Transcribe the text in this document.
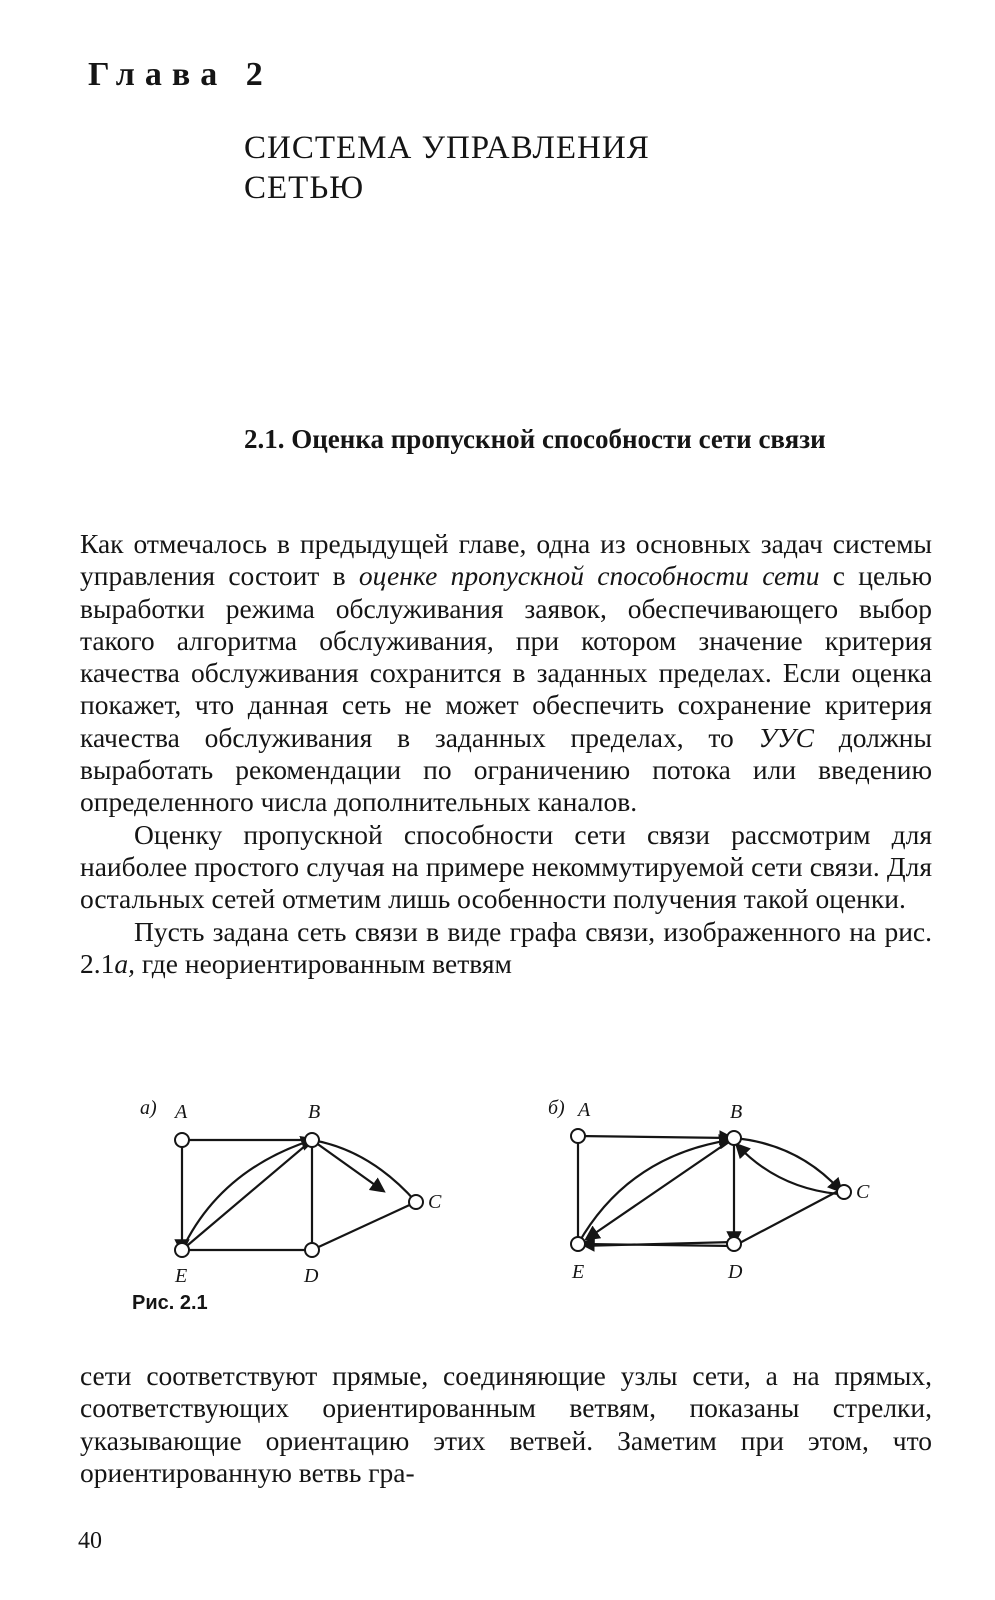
Глава 2
СИСТЕМА УПРАВЛЕНИЯ
СЕТЬЮ
2.1. Оценка пропускной способности сети связи

Как отмечалось в предыдущей главе, одна из основных задач системы управления состоит в оценке пропускной способности сети с целью выработки режима обслуживания заявок, обеспечивающего выбор такого алгоритма обслуживания, при котором значение критерия качества обслуживания сохранится в заданных пределах. Если оценка покажет, что данная сеть не может обеспечить сохранение критерия качества обслуживания в заданных пределах, то УУС должны выработать рекомендации по ограничению потока или введению определенного числа дополнительных каналов.

Оценку пропускной способности сети связи рассмотрим для наиболее простого случая на примере некоммутируемой сети связи. Для остальных сетей отметим лишь особенности получения такой оценки.

Пусть задана сеть связи в виде графа связи, изображенного на рис. 2.1а, где неориентированным ветвям

а) A	B
C
D
E
б) A	B
C
D
E
Рис. 2.1

сети соответствуют прямые, соединяющие узлы сети, а на прямых, соответствующих ориентированным ветвям, показаны стрелки, указывающие ориентацию этих ветвей. Заметим при этом, что ориентированную ветвь гра-

40
